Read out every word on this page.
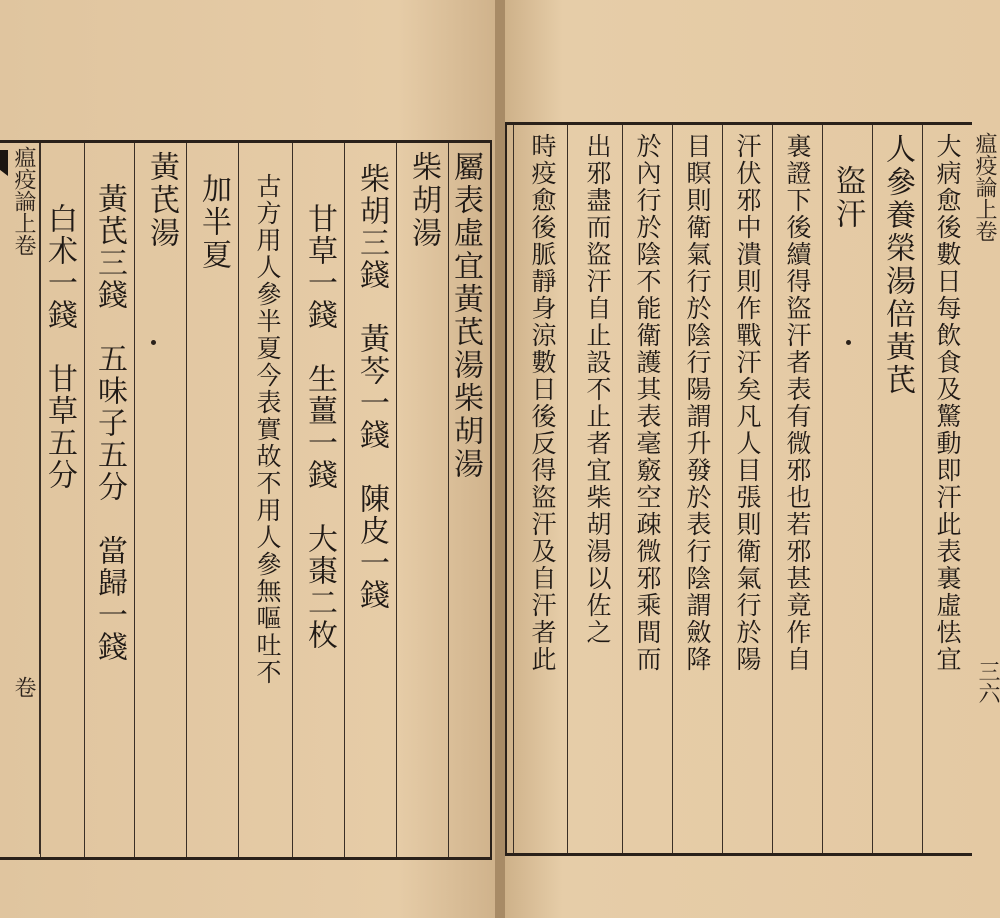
瘟疫論上卷
卷
屬表虛宜黃芪湯柴胡湯
柴胡湯
柴胡三錢　黃芩一錢　陳皮一錢
甘草一錢　生薑一錢　大棗二枚
古方用人參半夏今表實故不用人參無嘔吐不
加半夏
黃芪湯
黃芪三錢　五味子五分　當歸一錢
白术一錢　甘草五分	大病愈後數日每飲食及驚動即汗此表裏虛怯宜
人參養榮湯倍黃芪
盜汗
裏證下後續得盜汗者表有微邪也若邪甚竟作自
汗伏邪中潰則作戰汗矣凡人目張則衛氣行於陽
目瞑則衛氣行於陰行陽謂升發於表行陰謂斂降
於內行於陰不能衛護其表毫竅空疎微邪乘間而
出邪盡而盜汗自止設不止者宜柴胡湯以佐之
時疫愈後脈靜身涼數日後反得盜汗及自汗者此	瘟疫論上卷
三六
